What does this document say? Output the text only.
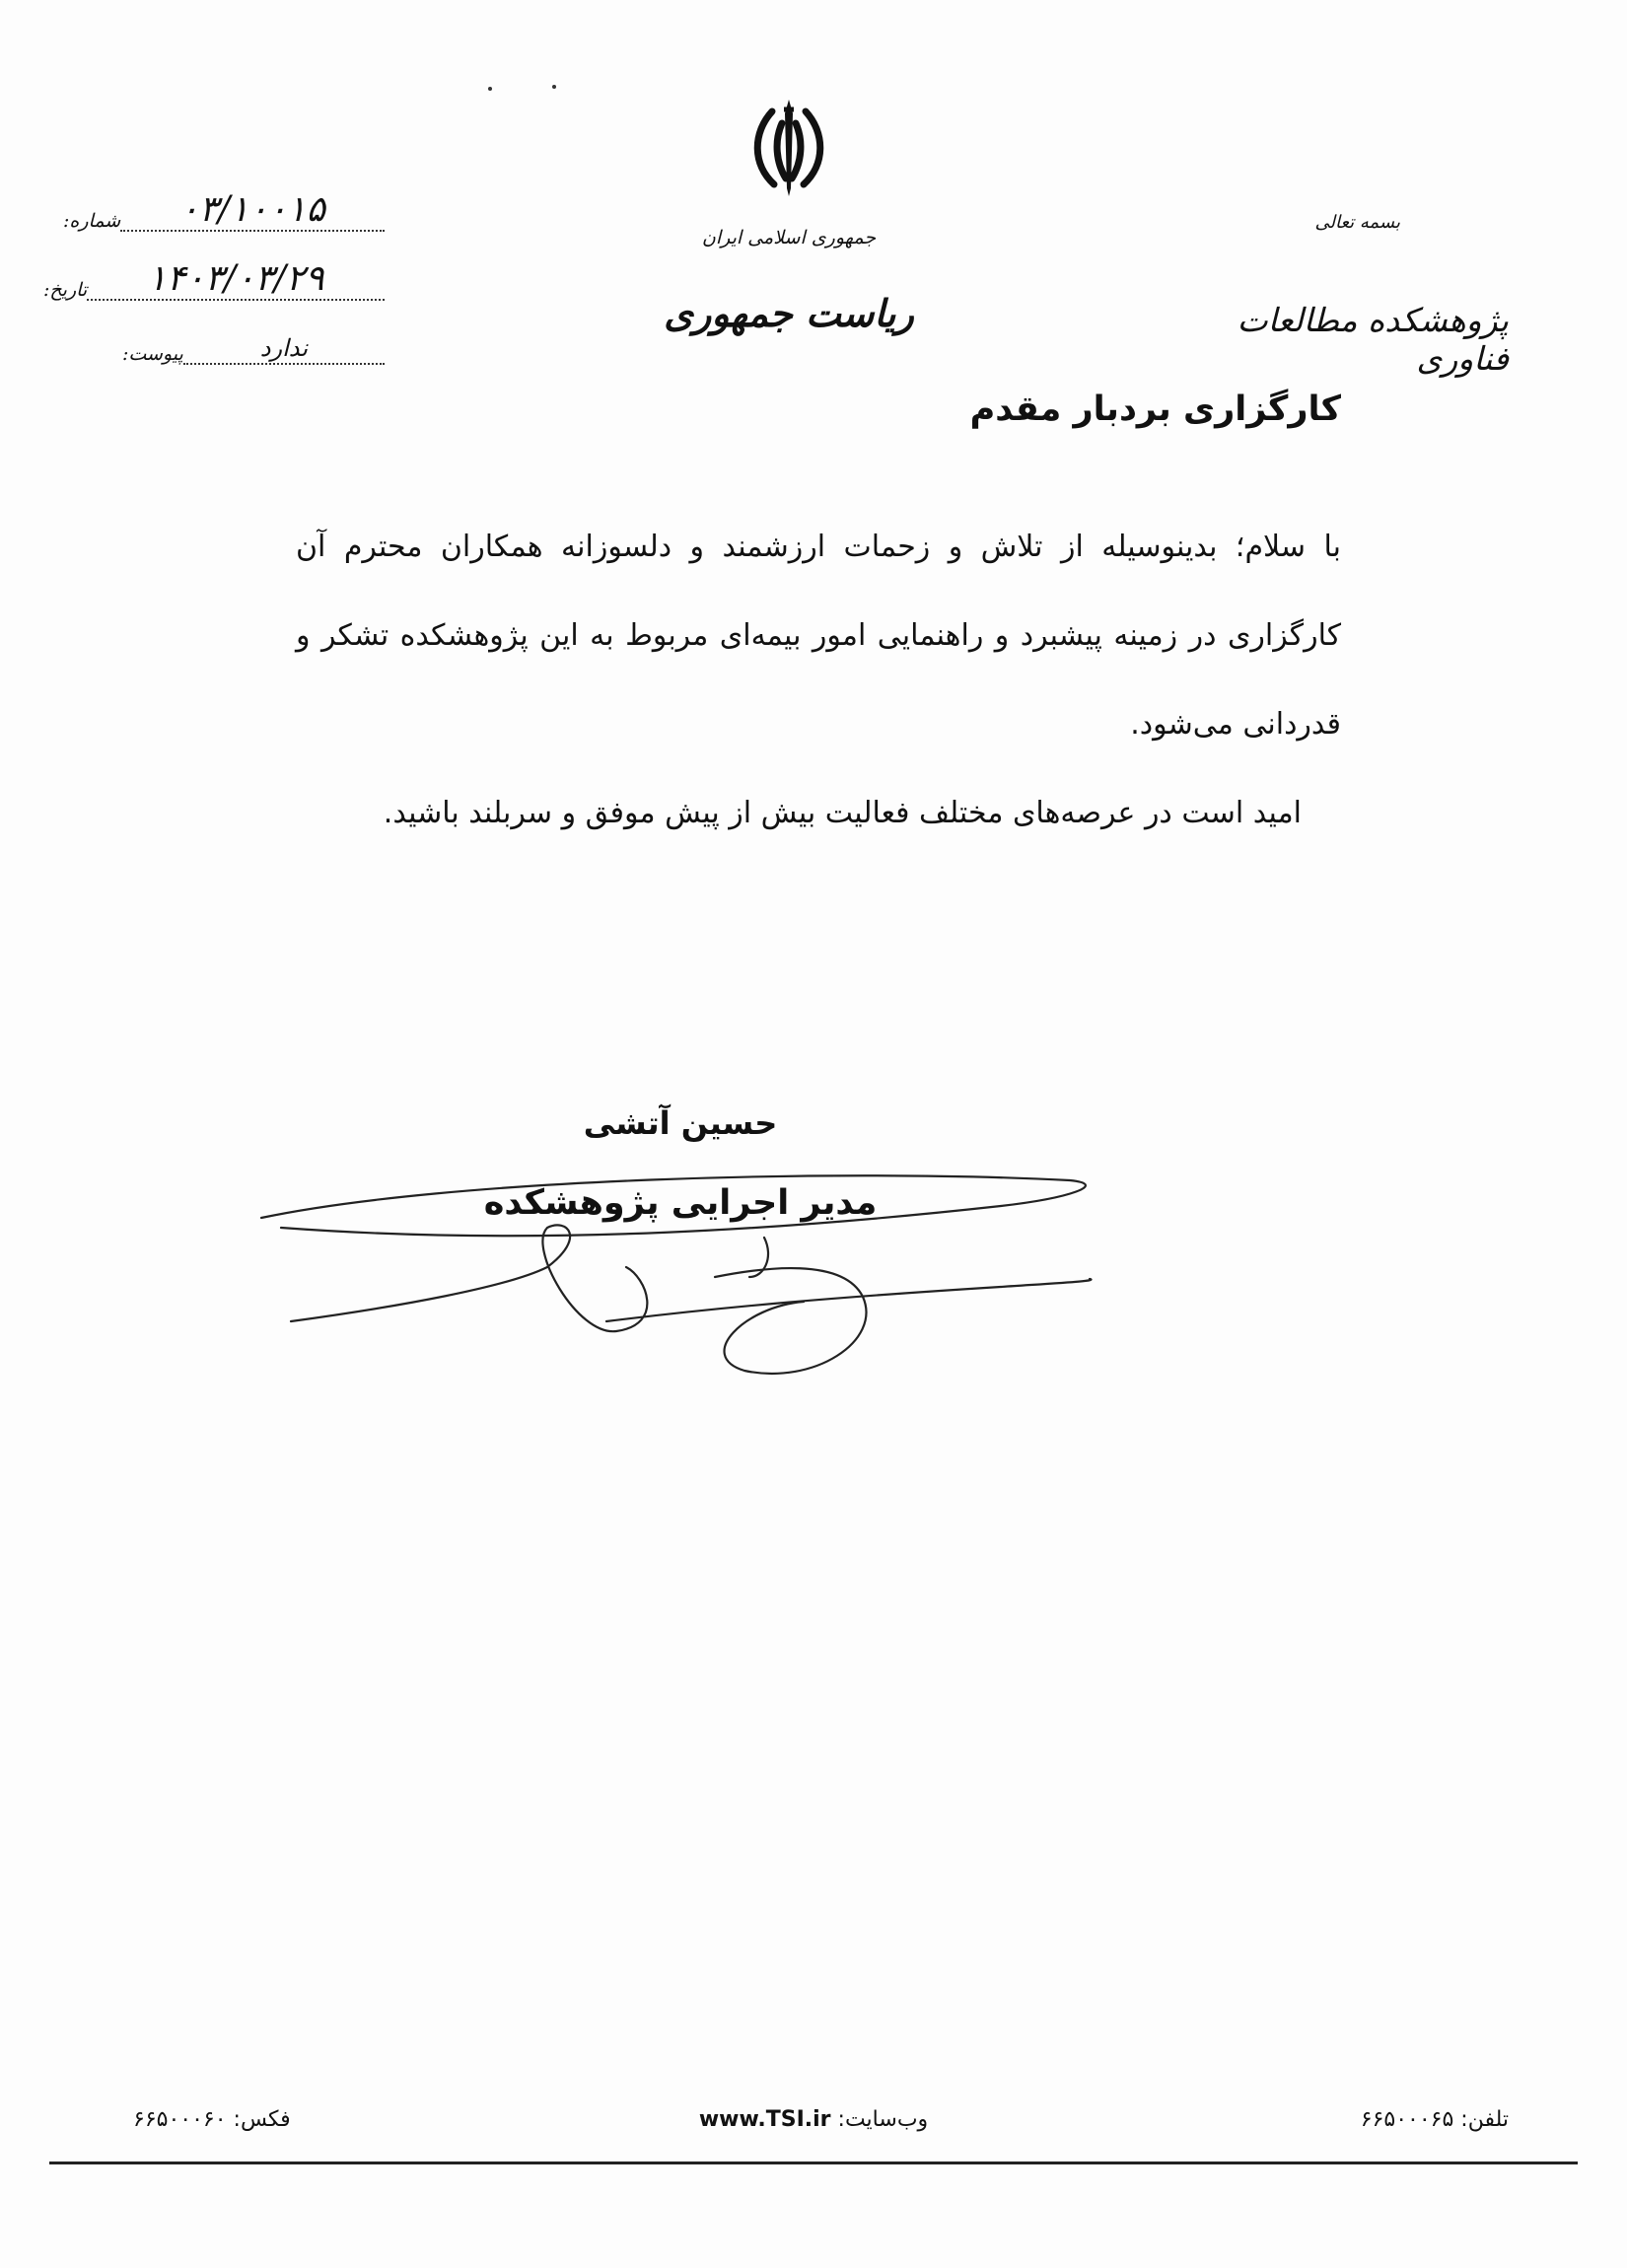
جمهوری اسلامی ایران
ریاست جمهوری
بسمه تعالی
پژوهشکده مطالعات فناوری
شماره:	۰۳/۱۰۰۱۵
تاریخ:	۱۴۰۳/۰۳/۲۹
پیوست:	ندارد
کارگزاری بردبار مقدم

با سلام؛ بدینوسیله از تلاش و زحمات ارزشمند و دلسوزانه همکاران محترم آن کارگزاری در زمینه پیشبرد و راهنمایی امور بیمه‌ای مربوط به این پژوهشکده تشکر و قدردانی می‌شود.

امید است در عرصه‌های مختلف فعالیت بیش از پیش موفق و سربلند باشید.

حسین آتشی
مدیر اجرایی پژوهشکده
تلفن: ۶۶۵۰۰۰۶۵
وب‌سایت: www.TSI.ir
فکس: ۶۶۵۰۰۰۶۰
